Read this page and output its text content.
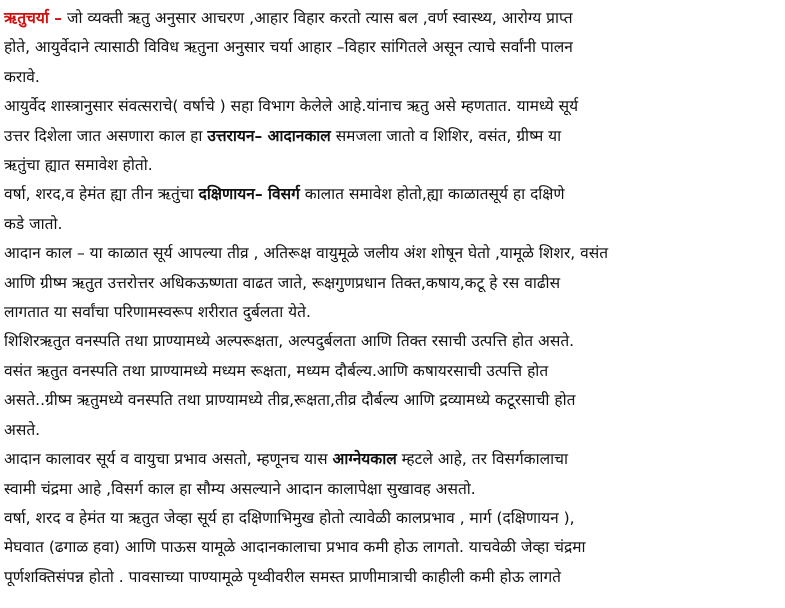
ऋतुचर्या – जो व्यक्ती ऋतु अनुसार आचरण ,आहार विहार करतो त्यास बल ,वर्ण स्वास्थ्य, आरोग्य प्राप्त
होते, आयुर्वेदाने त्यासाठी विविध ऋतुना अनुसार चर्या आहार –विहार सांगितले असून त्याचे सर्वांनी पालन
करावे.

आयुर्वेद शास्त्रानुसार संवत्सराचे( वर्षाचे ) सहा विभाग केलेले आहे.यांनाच ऋतु असे म्हणतात. यामध्ये सूर्य
उत्तर दिशेला जात असणारा काल हा उत्तरायन– आदानकाल समजला जातो व शिशिर, वसंत, ग्रीष्म या
ऋतुंचा ह्यात समावेश होतो.

वर्षा, शरद,व हेमंत ह्या तीन ऋतुंचा दक्षिणायन– विसर्ग कालात समावेश होतो,ह्या काळातसूर्य हा दक्षिणे
कडे जातो.

आदान काल – या काळात सूर्य आपल्या तीव्र , अतिरूक्ष वायुमूळे जलीय अंश शोषून घेतो ,यामूळे शिशर, वसंत
आणि ग्रीष्म ऋतुत उत्तरोत्तर अधिकऊष्णता वाढत जाते, रूक्षगुणप्रधान तिक्त,कषाय,कटू हे रस वाढीस
लागतात या सर्वांचा परिणामस्वरूप शरीरात दुर्बलता येते.

शिशिरऋतुत वनस्पति तथा प्राण्यामध्ये अल्परूक्षता, अल्पदुर्बलता आणि तिक्त रसाची उत्पत्ति होत असते.

वसंत ऋतुत वनस्पति तथा प्राण्यामध्ये मध्यम रूक्षता, मध्यम दौर्बल्य.आणि कषायरसाची उत्पत्ति होत
असते..ग्रीष्म ऋतुमध्ये वनस्पति तथा प्राण्यामध्ये तीव्र,रूक्षता,तीव्र दौर्बल्य आणि द्रव्यामध्ये कटूरसाची होत
असते.

आदान कालावर सूर्य व वायुचा प्रभाव असतो, म्हणूनच यास आग्नेयकाल म्हटले आहे, तर विसर्गकालाचा
स्वामी चंद्रमा आहे ,विसर्ग काल हा सौम्य असल्याने आदान कालापेक्षा सुखावह असतो.

वर्षा, शरद व हेमंत या ऋतुत जेव्हा सूर्य हा दक्षिणाभिमुख होतो त्यावेळी कालप्रभाव , मार्ग (दक्षिणायन ),
मेघवात (ढगाळ हवा) आणि पाऊस यामूळे आदानकालाचा प्रभाव कमी होऊ लागतो. याचवेळी जेव्हा चंद्रमा
पूर्णशक्तिसंपन्न होतो . पावसाच्या पाण्यामूळे पृथ्वीवरील समस्त प्राणीमात्राची काहीली कमी होऊ लागते
